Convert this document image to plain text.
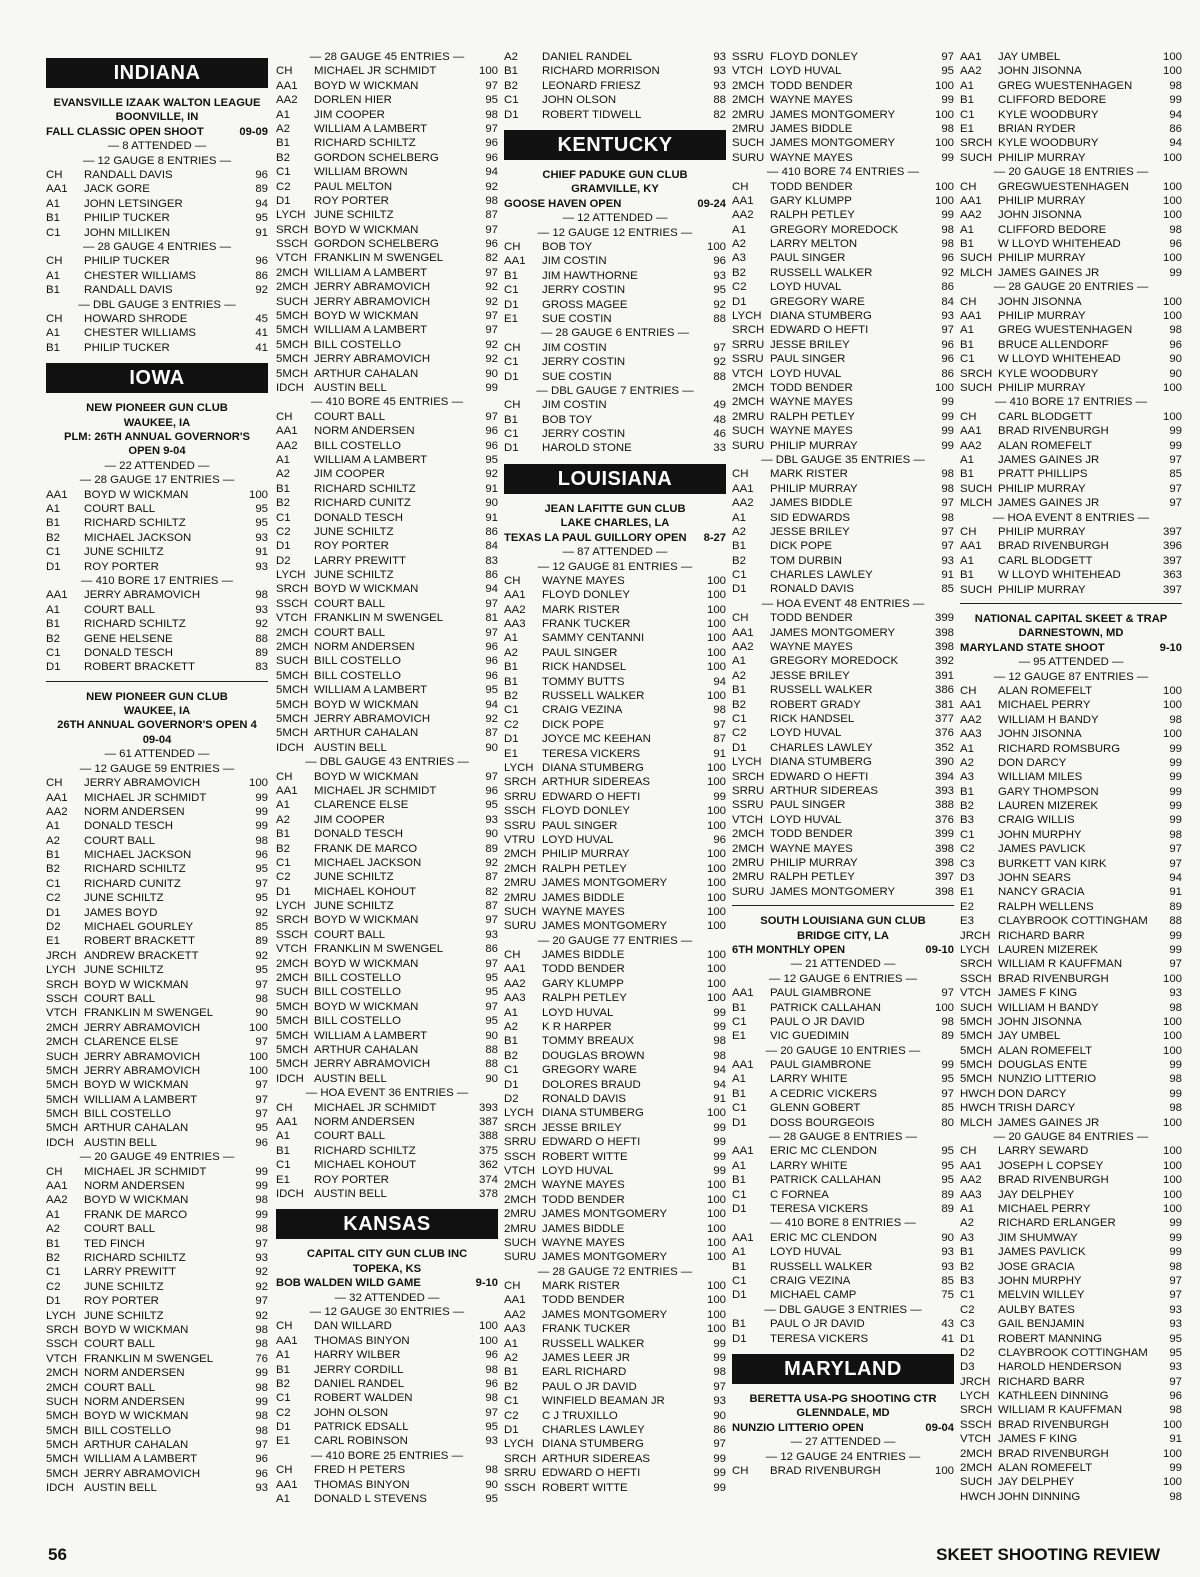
INDIANA
EVANSVILLE IZAAK WALTON LEAGUE
BOONVILLE, IN
FALL CLASSIC OPEN SHOOT	09-09
— 8 ATTENDED —
— 12 GAUGE 8 ENTRIES —
CH	RANDALL DAVIS	96
AA1	JACK GORE	89
A1	JOHN LETSINGER	94
B1	PHILIP TUCKER	95
C1	JOHN MILLIKEN	91
— 28 GAUGE 4 ENTRIES —
CH	PHILIP TUCKER	96
A1	CHESTER WILLIAMS	86
B1	RANDALL DAVIS	92
— DBL GAUGE 3 ENTRIES —
CH	HOWARD SHRODE	45
A1	CHESTER WILLIAMS	41
B1	PHILIP TUCKER	41
IOWA
NEW PIONEER GUN CLUB
WAUKEE, IA
PLM: 26TH ANNUAL GOVERNOR'S
OPEN 9-04
— 22 ATTENDED —
— 28 GAUGE 17 ENTRIES —
AA1	BOYD W WICKMAN	100
A1	COURT BALL	95
B1	RICHARD SCHILTZ	95
B2	MICHAEL JACKSON	93
C1	JUNE SCHILTZ	91
D1	ROY PORTER	93
— 410 BORE 17 ENTRIES —
AA1	JERRY ABRAMOVICH	98
A1	COURT BALL	93
B1	RICHARD SCHILTZ	92
B2	GENE HELSENE	88
C1	DONALD TESCH	89
D1	ROBERT BRACKETT	83
NEW PIONEER GUN CLUB
WAUKEE, IA
26TH ANNUAL GOVERNOR'S OPEN 4
09-04
— 61 ATTENDED —
— 12 GAUGE 59 ENTRIES —
CH	JERRY ABRAMOVICH	100
AA1	MICHAEL JR SCHMIDT	99
AA2	NORM ANDERSEN	99
A1	DONALD TESCH	99
A2	COURT BALL	98
B1	MICHAEL JACKSON	96
B2	RICHARD SCHILTZ	95
C1	RICHARD CUNITZ	97
C2	JUNE SCHILTZ	95
D1	JAMES BOYD	92
D2	MICHAEL GOURLEY	85
E1	ROBERT BRACKETT	89
JRCH ANDREW BRACKETT	92
LYCH JUNE SCHILTZ	95
SRCH BOYD W WICKMAN	97
SSCH COURT BALL	98
VTCH FRANKLIN M SWENGEL	90
2MCH JERRY ABRAMOVICH	100
2MCH CLARENCE ELSE	97
SUCH JERRY ABRAMOVICH	100
5MCH JERRY ABRAMOVICH	100
5MCH BOYD W WICKMAN	97
5MCH WILLIAM A LAMBERT	97
5MCH BILL COSTELLO	97
5MCH ARTHUR CAHALAN	95
IDCH AUSTIN BELL	96
— 20 GAUGE 49 ENTRIES —
CH	MICHAEL JR SCHMIDT	99
AA1	NORM ANDERSEN	99
AA2	BOYD W WICKMAN	98
A1	FRANK DE MARCO	99
A2	COURT BALL	98
B1	TED FINCH	97
B2	RICHARD SCHILTZ	93
C1	LARRY PREWITT	92
C2	JUNE SCHILTZ	92
D1	ROY PORTER	97
LYCH JUNE SCHILTZ	92
SRCH BOYD W WICKMAN	98
SSCH COURT BALL	98
VTCH FRANKLIN M SWENGEL	76
2MCH NORM ANDERSEN	99
2MCH COURT BALL	98
SUCH NORM ANDERSEN	99
5MCH BOYD W WICKMAN	98
5MCH BILL COSTELLO	98
5MCH ARTHUR CAHALAN	97
5MCH WILLIAM A LAMBERT	96
5MCH JERRY ABRAMOVICH	96
IDCH AUSTIN BELL	93
— 28 GAUGE 45 ENTRIES —
CH	MICHAEL JR SCHMIDT	100
AA1	BOYD W WICKMAN	97
AA2	DORLEN HIER	95
A1	JIM COOPER	98
A2	WILLIAM A LAMBERT	97
B1	RICHARD SCHILTZ	96
B2	GORDON SCHELBERG	96
C1	WILLIAM BROWN	94
C2	PAUL MELTON	92
D1	ROY PORTER	98
LYCH JUNE SCHILTZ	87
SRCH BOYD W WICKMAN	97
SSCH GORDON SCHELBERG	96
VTCH FRANKLIN M SWENGEL	82
2MCH WILLIAM A LAMBERT	97
2MCH JERRY ABRAMOVICH	92
SUCH JERRY ABRAMOVICH	92
5MCH BOYD W WICKMAN	97
5MCH WILLIAM A LAMBERT	97
5MCH BILL COSTELLO	92
5MCH JERRY ABRAMOVICH	92
5MCH ARTHUR CAHALAN	90
IDCH AUSTIN BELL	99
— 410 BORE 45 ENTRIES —
CH	COURT BALL	97
AA1	NORM ANDERSEN	96
AA2	BILL COSTELLO	96
A1	WILLIAM A LAMBERT	95
A2	JIM COOPER	92
B1	RICHARD SCHILTZ	91
B2	RICHARD CUNITZ	90
C1	DONALD TESCH	91
C2	JUNE SCHILTZ	86
D1	ROY PORTER	84
D2	LARRY PREWITT	83
LYCH JUNE SCHILTZ	86
SRCH BOYD W WICKMAN	94
SSCH COURT BALL	97
VTCH FRANKLIN M SWENGEL	81
2MCH COURT BALL	97
2MCH NORM ANDERSEN	96
SUCH BILL COSTELLO	96
5MCH BILL COSTELLO	96
5MCH WILLIAM A LAMBERT	95
5MCH BOYD W WICKMAN	94
5MCH JERRY ABRAMOVICH	92
5MCH ARTHUR CAHALAN	87
IDCH AUSTIN BELL	90
— DBL GAUGE 43 ENTRIES —
CH	BOYD W WICKMAN	97
AA1	MICHAEL JR SCHMIDT	96
A1	CLARENCE ELSE	95
A2	JIM COOPER	93
B1	DONALD TESCH	90
B2	FRANK DE MARCO	89
C1	MICHAEL JACKSON	92
C2	JUNE SCHILTZ	87
D1	MICHAEL KOHOUT	82
LYCH JUNE SCHILTZ	87
SRCH BOYD W WICKMAN	97
SSCH COURT BALL	93
VTCH FRANKLIN M SWENGEL	86
2MCH BOYD W WICKMAN	97
2MCH BILL COSTELLO	95
SUCH BILL COSTELLO	95
5MCH BOYD W WICKMAN	97
5MCH BILL COSTELLO	95
5MCH WILLIAM A LAMBERT	90
5MCH ARTHUR CAHALAN	88
5MCH JERRY ABRAMOVICH	88
IDCH AUSTIN BELL	90
— HOA EVENT 36 ENTRIES —
CH	MICHAEL JR SCHMIDT	393
AA1	NORM ANDERSEN	387
A1	COURT BALL	388
B1	RICHARD SCHILTZ	375
C1	MICHAEL KOHOUT	362
E1	ROY PORTER	374
IDCH AUSTIN BELL	378
KANSAS
CAPITAL CITY GUN CLUB INC
TOPEKA, KS
BOB WALDEN WILD GAME	9-10
— 32 ATTENDED —
— 12 GAUGE 30 ENTRIES —
CH	DAN WILLARD	100
AA1	THOMAS BINYON	100
A1	HARRY WILBER	96
B1	JERRY CORDILL	98
B2	DANIEL RANDEL	96
C1	ROBERT WALDEN	98
C2	JOHN OLSON	97
D1	PATRICK EDSALL	95
E1	CARL ROBINSON	93
— 410 BORE 25 ENTRIES —
CH	FRED H PETERS	98
AA1	THOMAS BINYON	90
A1	DONALD L STEVENS	95
A2	DANIEL RANDEL	93
B1	RICHARD MORRISON	93
B2	LEONARD FRIESZ	93
C1	JOHN OLSON	88
D1	ROBERT TIDWELL	82
KENTUCKY
CHIEF PADUKE GUN CLUB
GRAMVILLE, KY
GOOSE HAVEN OPEN	09-24
— 12 ATTENDED —
— 12 GAUGE 12 ENTRIES —
CH	BOB TOY	100
AA1	JIM COSTIN	96
B1	JIM HAWTHORNE	93
C1	JERRY COSTIN	95
D1	GROSS MAGEE	92
E1	SUE COSTIN	88
— 28 GAUGE 6 ENTRIES —
CH	JIM COSTIN	97
C1	JERRY COSTIN	92
D1	SUE COSTIN	88
— DBL GAUGE 7 ENTRIES —
CH	JIM COSTIN	49
B1	BOB TOY	48
C1	JERRY COSTIN	46
D1	HAROLD STONE	33
LOUISIANA
JEAN LAFITTE GUN CLUB
LAKE CHARLES, LA
TEXAS LA PAUL GUILLORY OPEN	8-27
— 87 ATTENDED —
— 12 GAUGE 81 ENTRIES —
CH	WAYNE MAYES	100
AA1	FLOYD DONLEY	100
AA2	MARK RISTER	100
AA3	FRANK TUCKER	100
A1	SAMMY CENTANNI	100
A2	PAUL SINGER	100
B1	RICK HANDSEL	100
B1	TOMMY BUTTS	94
B2	RUSSELL WALKER	100
C1	CRAIG VEZINA	98
C2	DICK POPE	97
D1	JOYCE MC KEEHAN	87
E1	TERESA VICKERS	91
LYCH DIANA STUMBERG	100
SRCH ARTHUR SIDEREAS	100
SRRU EDWARD O HEFTI	99
SSCH FLOYD DONLEY	100
SSRU PAUL SINGER	100
VTRU LOYD HUVAL	96
2MCH PHILIP MURRAY	100
2MCH RALPH PETLEY	100
2MRU JAMES MONTGOMERY	100
2MRU JAMES BIDDLE	100
SUCH WAYNE MAYES	100
SURU JAMES MONTGOMERY	100
— 20 GAUGE 77 ENTRIES —
CH	JAMES BIDDLE	100
AA1	TODD BENDER	100
AA2	GARY KLUMPP	100
AA3	RALPH PETLEY	100
A1	LOYD HUVAL	99
A2	K R HARPER	99
B1	TOMMY BREAUX	98
B2	DOUGLAS BROWN	98
C1	GREGORY WARE	94
D1	DOLORES BRAUD	94
D2	RONALD DAVIS	91
LYCH DIANA STUMBERG	100
SRCH JESSE BRILEY	99
SRRU EDWARD O HEFTI	99
SSCH ROBERT WITTE	99
VTCH LOYD HUVAL	99
2MCH WAYNE MAYES	100
2MCH TODD BENDER	100
2MRU JAMES MONTGOMERY	100
2MRU JAMES BIDDLE	100
SUCH WAYNE MAYES	100
SURU JAMES MONTGOMERY	100
— 28 GAUGE 72 ENTRIES —
CH	MARK RISTER	100
AA1	TODD BENDER	100
AA2	JAMES MONTGOMERY	100
AA3	FRANK TUCKER	100
A1	RUSSELL WALKER	99
A2	JAMES LEER JR	99
B1	EARL RICHARD	98
B2	PAUL O JR DAVID	97
C1	WINFIELD BEAMAN JR	93
C2	C J TRUXILLO	90
D1	CHARLES LAWLEY	86
LYCH DIANA STUMBERG	97
SRCH ARTHUR SIDEREAS	99
SRRU EDWARD O HEFTI	99
SSCH ROBERT WITTE	99
SSRU FLOYD DONLEY	97
VTCH LOYD HUVAL	95
2MCH TODD BENDER	100
2MCH WAYNE MAYES	99
2MRU JAMES MONTGOMERY	100
2MRU JAMES BIDDLE	98
SUCH JAMES MONTGOMERY	100
SURU WAYNE MAYES	99
— 410 BORE 74 ENTRIES —
CH	TODD BENDER	100
AA1	GARY KLUMPP	100
AA2	RALPH PETLEY	99
A1	GREGORY MOREDOCK	98
A2	LARRY MELTON	98
A3	PAUL SINGER	96
B2	RUSSELL WALKER	92
C2	LOYD HUVAL	86
D1	GREGORY WARE	84
LYCH DIANA STUMBERG	93
SRCH EDWARD O HEFTI	97
SRRU JESSE BRILEY	96
SSRU PAUL SINGER	96
VTCH LOYD HUVAL	86
2MCH TODD BENDER	100
2MCH WAYNE MAYES	99
2MRU RALPH PETLEY	99
SUCH WAYNE MAYES	99
SURU PHILIP MURRAY	99
— DBL GAUGE 35 ENTRIES —
CH	MARK RISTER	98
AA1	PHILIP MURRAY	98
AA2	JAMES BIDDLE	97
A1	SID EDWARDS	98
A2	JESSE BRILEY	97
B1	DICK POPE	97
B2	TOM DURBIN	93
C1	CHARLES LAWLEY	91
D1	RONALD DAVIS	85
— HOA EVENT 48 ENTRIES —
CH	TODD BENDER	399
AA1	JAMES MONTGOMERY	398
AA2	WAYNE MAYES	398
A1	GREGORY MOREDOCK	392
A2	JESSE BRILEY	391
B1	RUSSELL WALKER	386
B2	ROBERT GRADY	381
C1	RICK HANDSEL	377
C2	LOYD HUVAL	376
D1	CHARLES LAWLEY	352
LYCH DIANA STUMBERG	390
SRCH EDWARD O HEFTI	394
SRRU ARTHUR SIDEREAS	393
SSRU PAUL SINGER	388
VTCH LOYD HUVAL	376
2MCH TODD BENDER	399
2MCH WAYNE MAYES	398
2MRU PHILIP MURRAY	398
2MRU RALPH PETLEY	397
SURU JAMES MONTGOMERY	398
SOUTH LOUISIANA GUN CLUB
BRIDGE CITY, LA
6TH MONTHLY OPEN	09-10
— 21 ATTENDED —
— 12 GAUGE 6 ENTRIES —
AA1	PAUL GIAMBRONE	97
B1	PATRICK CALLAHAN	100
C1	PAUL O JR DAVID	98
E1	VIC GUEDIMIN	89
— 20 GAUGE 10 ENTRIES —
AA1	PAUL GIAMBRONE	99
A1	LARRY WHITE	95
B1	A CEDRIC VICKERS	97
C1	GLENN GOBERT	85
D1	DOSS BOURGEOIS	80
— 28 GAUGE 8 ENTRIES —
AA1	ERIC MC CLENDON	95
A1	LARRY WHITE	95
B1	PATRICK CALLAHAN	95
C1	C FORNEA	89
D1	TERESA VICKERS	89
— 410 BORE 8 ENTRIES —
AA1	ERIC MC CLENDON	90
A1	LOYD HUVAL	93
B1	RUSSELL WALKER	93
C1	CRAIG VEZINA	85
D1	MICHAEL CAMP	75
— DBL GAUGE 3 ENTRIES —
B1	PAUL O JR DAVID	43
D1	TERESA VICKERS	41
MARYLAND
BERETTA USA-PG SHOOTING CTR
GLENNDALE, MD
NUNZIO LITTERIO OPEN	09-04
— 27 ATTENDED —
— 12 GAUGE 24 ENTRIES —
CH	BRAD RIVENBURGH	100
AA1	JAY UMBEL	100
AA2	JOHN JISONNA	100
A1	GREG WUESTENHAGEN	98
B1	CLIFFORD BEDORE	99
C1	KYLE WOODBURY	94
E1	BRIAN RYDER	86
SRCH KYLE WOODBURY	94
SUCH PHILIP MURRAY	100
— 20 GAUGE 18 ENTRIES —
CH	GREGWUESTENHAGEN	100
AA1	PHILIP MURRAY	100
AA2	JOHN JISONNA	100
A1	CLIFFORD BEDORE	98
B1	W LLOYD WHITEHEAD	96
SUCH PHILIP MURRAY	100
MLCH JAMES GAINES JR	99
— 28 GAUGE 20 ENTRIES —
CH	JOHN JISONNA	100
AA1	PHILIP MURRAY	100
A1	GREG WUESTENHAGEN	98
B1	BRUCE ALLENDORF	96
C1	W LLOYD WHITEHEAD	90
SRCH KYLE WOODBURY	90
SUCH PHILIP MURRAY	100
— 410 BORE 17 ENTRIES —
CH	CARL BLODGETT	100
AA1	BRAD RIVENBURGH	99
AA2	ALAN ROMEFELT	99
A1	JAMES GAINES JR	97
B1	PRATT PHILLIPS	85
SUCH PHILIP MURRAY	97
MLCH JAMES GAINES JR	97
— HOA EVENT 8 ENTRIES —
CH	PHILIP MURRAY	397
AA1	BRAD RIVENBURGH	396
A1	CARL BLODGETT	397
B1	W LLOYD WHITEHEAD	363
SUCH PHILIP MURRAY	397
NATIONAL CAPITAL SKEET & TRAP
DARNESTOWN, MD
MARYLAND STATE SHOOT	9-10
— 95 ATTENDED —
— 12 GAUGE 87 ENTRIES —
CH	ALAN ROMEFELT	100
AA1	MICHAEL PERRY	100
AA2	WILLIAM H BANDY	98
AA3	JOHN JISONNA	100
A1	RICHARD ROMSBURG	99
A2	DON DARCY	99
A3	WILLIAM MILES	99
B1	GARY THOMPSON	99
B2	LAUREN MIZEREK	99
B3	CRAIG WILLIS	99
C1	JOHN MURPHY	98
C2	JAMES PAVLICK	97
C3	BURKETT VAN KIRK	97
D3	JOHN SEARS	94
E1	NANCY GRACIA	91
E2	RALPH WELLENS	89
E3	CLAYBROOK COTTINGHAM	88
JRCH RICHARD BARR	99
LYCH LAUREN MIZEREK	99
SRCH WILLIAM R KAUFFMAN	97
SSCH BRAD RIVENBURGH	100
VTCH JAMES F KING	93
SUCH WILLIAM H BANDY	98
5MCH JOHN JISONNA	100
5MCH JAY UMBEL	100
5MCH ALAN ROMEFELT	100
5MCH DOUGLAS ENTE	99
5MCH NUNZIO LITTERIO	98
HWCH DON DARCY	99
HWCH TRISH DARCY	98
MLCH JAMES GAINES JR	100
— 20 GAUGE 84 ENTRIES —
CH	LARRY SEWARD	100
AA1	JOSEPH L COPSEY	100
AA2	BRAD RIVENBURGH	100
AA3	JAY DELPHEY	100
A1	MICHAEL PERRY	100
A2	RICHARD ERLANGER	99
A3	JIM SHUMWAY	99
B1	JAMES PAVLICK	99
B2	JOSE GRACIA	98
B3	JOHN MURPHY	97
C1	MELVIN WILLEY	97
C2	AULBY BATES	93
C3	GAIL BENJAMIN	93
D1	ROBERT MANNING	95
D2	CLAYBROOK COTTINGHAM	95
D3	HAROLD HENDERSON	93
JRCH RICHARD BARR	97
LYCH KATHLEEN DINNING	96
SRCH WILLIAM R KAUFFMAN	98
SSCH BRAD RIVENBURGH	100
VTCH JAMES F KING	91
2MCH BRAD RIVENBURGH	100
2MCH ALAN ROMEFELT	99
SUCH JAY DELPHEY	100
HWCH JOHN DINNING	98
56	SKEET SHOOTING REVIEW
